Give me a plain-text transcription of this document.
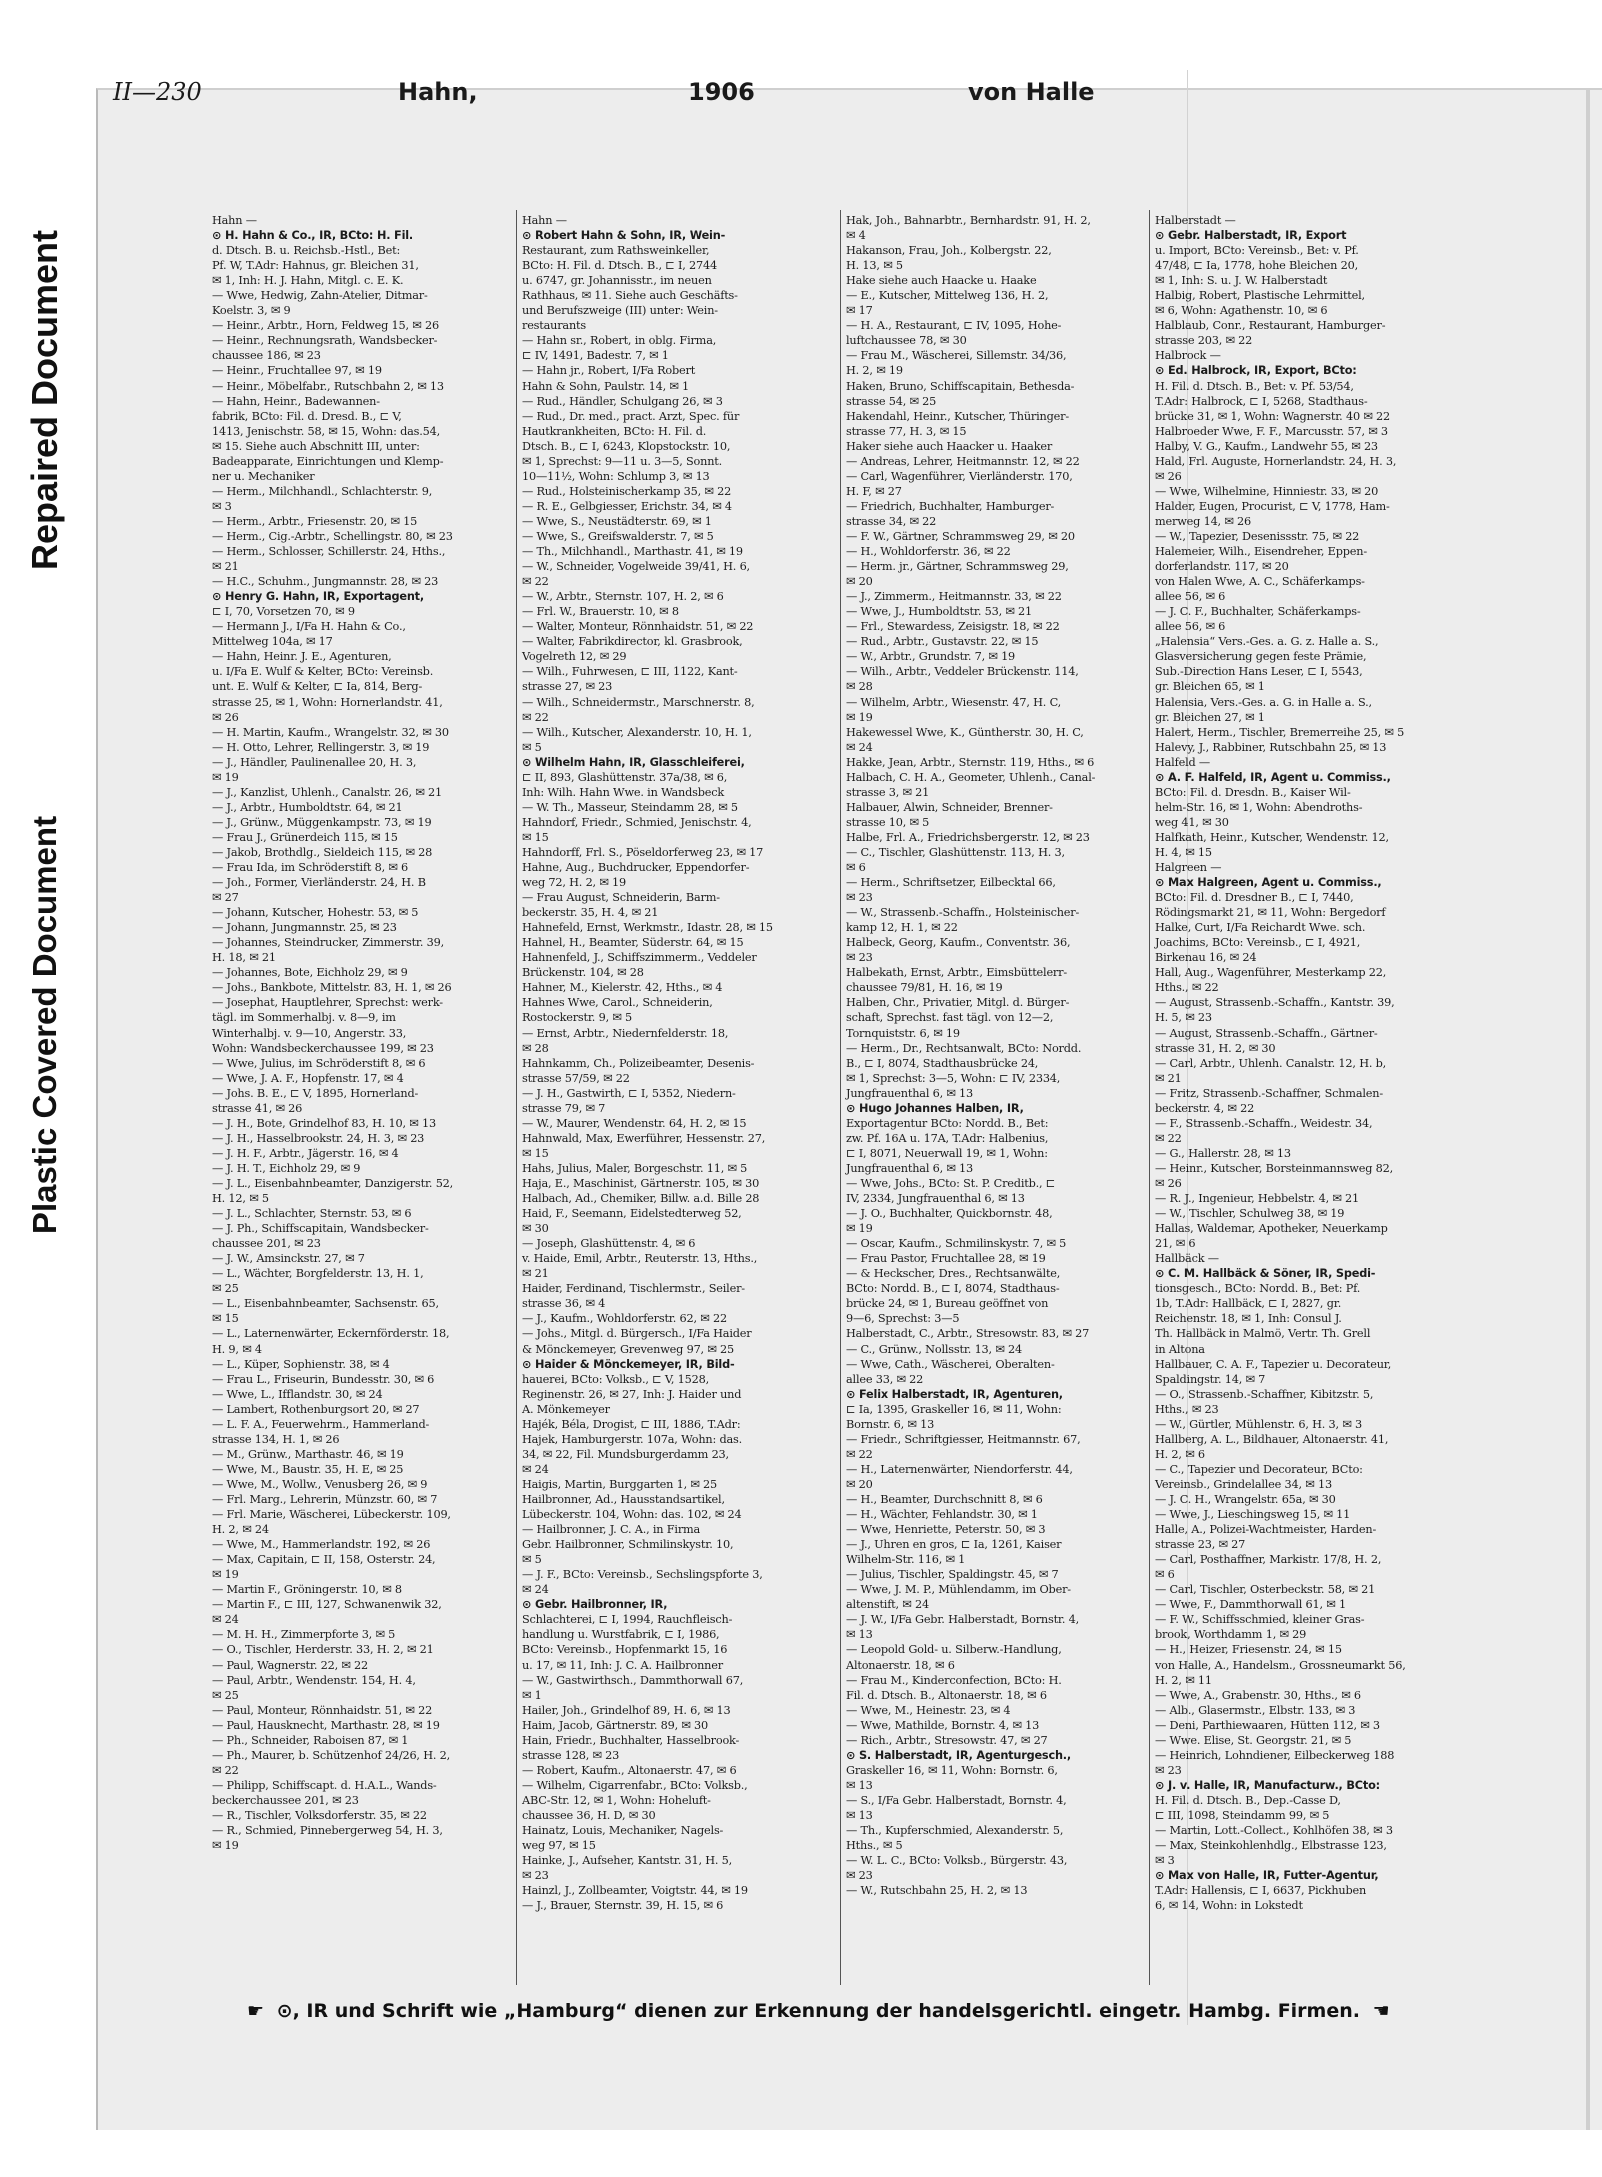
Repaired Document
Plastic Covered Document
II—230	Hahn,	1906	von Halle
Hahn —
⊙ H. Hahn & Co., IR, BCto: H. Fil.
d. Dtsch. B. u. Reichsb.-Hstl., Bet:
Pf. W, T.Adr: Hahnus, gr. Bleichen 31,
✉ 1, Inh: H. J. Hahn, Mitgl. c. E. K.
— Wwe, Hedwig, Zahn-Atelier, Ditmar-
Koelstr. 3, ✉ 9
— Heinr., Arbtr., Horn, Feldweg 15, ✉ 26
— Heinr., Rechnungsrath, Wandsbecker-
chaussee 186, ✉ 23
— Heinr., Fruchtallee 97, ✉ 19
— Heinr., Möbelfabr., Rutschbahn 2, ✉ 13
— Hahn, Heinr., Badewannen-
fabrik, BCto: Fil. d. Dresd. B., ⊏ V,
1413, Jenischstr. 58, ✉ 15, Wohn: das.54,
✉ 15. Siehe auch Abschnitt III, unter:
Badeapparate, Einrichtungen und Klemp-
ner u. Mechaniker
— Herm., Milchhandl., Schlachterstr. 9,
✉ 3
— Herm., Arbtr., Friesenstr. 20, ✉ 15
— Herm., Cig.-Arbtr., Schellingstr. 80, ✉ 23
— Herm., Schlosser, Schillerstr. 24, Hths.,
✉ 21
— H.C., Schuhm., Jungmannstr. 28, ✉ 23
⊙ Henry G. Hahn, IR, Exportagent,
⊏ I, 70, Vorsetzen 70, ✉ 9
— Hermann J., I/Fa H. Hahn & Co.,
Mittelweg 104a, ✉ 17
— Hahn, Heinr. J. E., Agenturen,
u. I/Fa E. Wulf & Kelter, BCto: Vereinsb.
unt. E. Wulf & Kelter, ⊏ Ia, 814, Berg-
strasse 25, ✉ 1, Wohn: Hornerlandstr. 41,
✉ 26
— H. Martin, Kaufm., Wrangelstr. 32, ✉ 30
— H. Otto, Lehrer, Rellingerstr. 3, ✉ 19
— J., Händler, Paulinenallee 20, H. 3,
✉ 19
— J., Kanzlist, Uhlenh., Canalstr. 26, ✉ 21
— J., Arbtr., Humboldtstr. 64, ✉ 21
— J., Grünw., Müggenkampstr. 73, ✉ 19
— Frau J., Grünerdeich 115, ✉ 15
— Jakob, Brothdlg., Sieldeich 115, ✉ 28
— Frau Ida, im Schröderstift 8, ✉ 6
— Joh., Former, Vierländerstr. 24, H. B
✉ 27
— Johann, Kutscher, Hohestr. 53, ✉ 5
— Johann, Jungmannstr. 25, ✉ 23
— Johannes, Steindrucker, Zimmerstr. 39,
H. 18, ✉ 21
— Johannes, Bote, Eichholz 29, ✉ 9
— Johs., Bankbote, Mittelstr. 83, H. 1, ✉ 26
— Josephat, Hauptlehrer, Sprechst: werk-
tägl. im Sommerhalbj. v. 8—9, im
Winterhalbj. v. 9—10, Angerstr. 33,
Wohn: Wandsbeckerchaussee 199, ✉ 23
— Wwe, Julius, im Schröderstift 8, ✉ 6
— Wwe, J. A. F., Hopfenstr. 17, ✉ 4
— Johs. B. E., ⊏ V, 1895, Hornerland-
strasse 41, ✉ 26
— J. H., Bote, Grindelhof 83, H. 10, ✉ 13
— J. H., Hasselbrookstr. 24, H. 3, ✉ 23
— J. H. F., Arbtr., Jägerstr. 16, ✉ 4
— J. H. T., Eichholz 29, ✉ 9
— J. L., Eisenbahnbeamter, Danzigerstr. 52,
H. 12, ✉ 5
— J. L., Schlachter, Sternstr. 53, ✉ 6
— J. Ph., Schiffscapitain, Wandsbecker-
chaussee 201, ✉ 23
— J. W., Amsinckstr. 27, ✉ 7
— L., Wächter, Borgfelderstr. 13, H. 1,
✉ 25
— L., Eisenbahnbeamter, Sachsenstr. 65,
✉ 15
— L., Laternenwärter, Eckernförderstr. 18,
H. 9, ✉ 4
— L., Küper, Sophienstr. 38, ✉ 4
— Frau L., Friseurin, Bundesstr. 30, ✉ 6
— Wwe, L., Ifflandstr. 30, ✉ 24
— Lambert, Rothenburgsort 20, ✉ 27
— L. F. A., Feuerwehrm., Hammerland-
strasse 134, H. 1, ✉ 26
— M., Grünw., Marthastr. 46, ✉ 19
— Wwe, M., Baustr. 35, H. E, ✉ 25
— Wwe, M., Wollw., Venusberg 26, ✉ 9
— Frl. Marg., Lehrerin, Münzstr. 60, ✉ 7
— Frl. Marie, Wäscherei, Lübeckerstr. 109,
H. 2, ✉ 24
— Wwe, M., Hammerlandstr. 192, ✉ 26
— Max, Capitain, ⊏ II, 158, Osterstr. 24,
✉ 19
— Martin F., Gröningerstr. 10, ✉ 8
— Martin F., ⊏ III, 127, Schwanenwik 32,
✉ 24
— M. H. H., Zimmerpforte 3, ✉ 5
— O., Tischler, Herderstr. 33, H. 2, ✉ 21
— Paul, Wagnerstr. 22, ✉ 22
— Paul, Arbtr., Wendenstr. 154, H. 4,
✉ 25
— Paul, Monteur, Rönnhaidstr. 51, ✉ 22
— Paul, Hausknecht, Marthastr. 28, ✉ 19
— Ph., Schneider, Raboisen 87, ✉ 1
— Ph., Maurer, b. Schützenhof 24/26, H. 2,
✉ 22
— Philipp, Schiffscapt. d. H.A.L., Wands-
beckerchaussee 201, ✉ 23
— R., Tischler, Volksdorferstr. 35, ✉ 22
— R., Schmied, Pinnebergerweg 54, H. 3,
✉ 19
Hahn —
⊙ Robert Hahn & Sohn, IR, Wein-
Restaurant, zum Rathsweinkeller,
BCto: H. Fil. d. Dtsch. B., ⊏ I, 2744
u. 6747, gr. Johannisstr., im neuen
Rathhaus, ✉ 11. Siehe auch Geschäfts-
und Berufszweige (III) unter: Wein-
restaurants
— Hahn sr., Robert, in oblg. Firma,
⊏ IV, 1491, Badestr. 7, ✉ 1
— Hahn jr., Robert, I/Fa Robert
Hahn & Sohn, Paulstr. 14, ✉ 1
— Rud., Händler, Schulgang 26, ✉ 3
— Rud., Dr. med., pract. Arzt, Spec. für
Hautkrankheiten, BCto: H. Fil. d.
Dtsch. B., ⊏ I, 6243, Klopstockstr. 10,
✉ 1, Sprechst: 9—11 u. 3—5, Sonnt.
10—11½, Wohn: Schlump 3, ✉ 13
— Rud., Holsteinischerkamp 35, ✉ 22
— R. E., Gelbgiesser, Erichstr. 34, ✉ 4
— Wwe, S., Neustädterstr. 69, ✉ 1
— Wwe, S., Greifswalderstr. 7, ✉ 5
— Th., Milchhandl., Marthastr. 41, ✉ 19
— W., Schneider, Vogelweide 39/41, H. 6,
✉ 22
— W., Arbtr., Sternstr. 107, H. 2, ✉ 6
— Frl. W., Brauerstr. 10, ✉ 8
— Walter, Monteur, Rönnhaidstr. 51, ✉ 22
— Walter, Fabrikdirector, kl. Grasbrook,
Vogelreth 12, ✉ 29
— Wilh., Fuhrwesen, ⊏ III, 1122, Kant-
strasse 27, ✉ 23
— Wilh., Schneidermstr., Marschnerstr. 8,
✉ 22
— Wilh., Kutscher, Alexanderstr. 10, H. 1,
✉ 5
⊙ Wilhelm Hahn, IR, Glasschleiferei,
⊏ II, 893, Glashüttenstr. 37a/38, ✉ 6,
Inh: Wilh. Hahn Wwe. in Wandsbeck
— W. Th., Masseur, Steindamm 28, ✉ 5
Hahndorf, Friedr., Schmied, Jenischstr. 4,
✉ 15
Hahndorff, Frl. S., Pöseldorferweg 23, ✉ 17
Hahne, Aug., Buchdrucker, Eppendorfer-
weg 72, H. 2, ✉ 19
— Frau August, Schneiderin, Barm-
beckerstr. 35, H. 4, ✉ 21
Hahnefeld, Ernst, Werkmstr., Idastr. 28, ✉ 15
Hahnel, H., Beamter, Süderstr. 64, ✉ 15
Hahnenfeld, J., Schiffszimmerm., Veddeler
Brückenstr. 104, ✉ 28
Hahner, M., Kielerstr. 42, Hths., ✉ 4
Hahnes Wwe, Carol., Schneiderin,
Rostockerstr. 9, ✉ 5
— Ernst, Arbtr., Niedernfelderstr. 18,
✉ 28
Hahnkamm, Ch., Polizeibeamter, Desenis-
strasse 57/59, ✉ 22
— J. H., Gastwirth, ⊏ I, 5352, Niedern-
strasse 79, ✉ 7
— W., Maurer, Wendenstr. 64, H. 2, ✉ 15
Hahnwald, Max, Ewerführer, Hessenstr. 27,
✉ 15
Hahs, Julius, Maler, Borgeschstr. 11, ✉ 5
Haja, E., Maschinist, Gärtnerstr. 105, ✉ 30
Halbach, Ad., Chemiker, Billw. a.d. Bille 28
Haid, F., Seemann, Eidelstedterweg 52,
✉ 30
— Joseph, Glashüttenstr. 4, ✉ 6
v. Haide, Emil, Arbtr., Reuterstr. 13, Hths.,
✉ 21
Haider, Ferdinand, Tischlermstr., Seiler-
strasse 36, ✉ 4
— J., Kaufm., Wohldorferstr. 62, ✉ 22
— Johs., Mitgl. d. Bürgersch., I/Fa Haider
& Mönckemeyer, Grevenweg 97, ✉ 25
⊙ Haider & Mönckemeyer, IR, Bild-
hauerei, BCto: Volksb., ⊏ V, 1528,
Reginenstr. 26, ✉ 27, Inh: J. Haider und
A. Mönkemeyer
Hajék, Béla, Drogist, ⊏ III, 1886, T.Adr:
Hajek, Hamburgerstr. 107a, Wohn: das.
34, ✉ 22, Fil. Mundsburgerdamm 23,
✉ 24
Haigis, Martin, Burggarten 1, ✉ 25
Hailbronner, Ad., Hausstandsartikel,
Lübeckerstr. 104, Wohn: das. 102, ✉ 24
— Hailbronner, J. C. A., in Firma
Gebr. Hailbronner, Schmilinskystr. 10,
✉ 5
— J. F., BCto: Vereinsb., Sechslingspforte 3,
✉ 24
⊙ Gebr. Hailbronner, IR,
Schlachterei, ⊏ I, 1994, Rauchfleisch-
handlung u. Wurstfabrik, ⊏ I, 1986,
BCto: Vereinsb., Hopfenmarkt 15, 16
u. 17, ✉ 11, Inh: J. C. A. Hailbronner
— W., Gastwirthsch., Dammthorwall 67,
✉ 1
Hailer, Joh., Grindelhof 89, H. 6, ✉ 13
Haim, Jacob, Gärtnerstr. 89, ✉ 30
Hain, Friedr., Buchhalter, Hasselbrook-
strasse 128, ✉ 23
— Robert, Kaufm., Altonaerstr. 47, ✉ 6
— Wilhelm, Cigarrenfabr., BCto: Volksb.,
ABC-Str. 12, ✉ 1, Wohn: Hoheluft-
chaussee 36, H. D, ✉ 30
Hainatz, Louis, Mechaniker, Nagels-
weg 97, ✉ 15
Hainke, J., Aufseher, Kantstr. 31, H. 5,
✉ 23
Hainzl, J., Zollbeamter, Voigtstr. 44, ✉ 19
— J., Brauer, Sternstr. 39, H. 15, ✉ 6
Hak, Joh., Bahnarbtr., Bernhardstr. 91, H. 2,
✉ 4
Hakanson, Frau, Joh., Kolbergstr. 22,
H. 13, ✉ 5
Hake siehe auch Haacke u. Haake
— E., Kutscher, Mittelweg 136, H. 2,
✉ 17
— H. A., Restaurant, ⊏ IV, 1095, Hohe-
luftchaussee 78, ✉ 30
— Frau M., Wäscherei, Sillemstr. 34/36,
H. 2, ✉ 19
Haken, Bruno, Schiffscapitain, Bethesda-
strasse 54, ✉ 25
Hakendahl, Heinr., Kutscher, Thüringer-
strasse 77, H. 3, ✉ 15
Haker siehe auch Haacker u. Haaker
— Andreas, Lehrer, Heitmannstr. 12, ✉ 22
— Carl, Wagenführer, Vierländerstr. 170,
H. F, ✉ 27
— Friedrich, Buchhalter, Hamburger-
strasse 34, ✉ 22
— F. W., Gärtner, Schrammsweg 29, ✉ 20
— H., Wohldorferstr. 36, ✉ 22
— Herm. jr., Gärtner, Schrammsweg 29,
✉ 20
— J., Zimmerm., Heitmannstr. 33, ✉ 22
— Wwe, J., Humboldtstr. 53, ✉ 21
— Frl., Stewardess, Zeisigstr. 18, ✉ 22
— Rud., Arbtr., Gustavstr. 22, ✉ 15
— W., Arbtr., Grundstr. 7, ✉ 19
— Wilh., Arbtr., Veddeler Brückenstr. 114,
✉ 28
— Wilhelm, Arbtr., Wiesenstr. 47, H. C,
✉ 19
Hakewessel Wwe, K., Güntherstr. 30, H. C,
✉ 24
Hakke, Jean, Arbtr., Sternstr. 119, Hths., ✉ 6
Halbach, C. H. A., Geometer, Uhlenh., Canal-
strasse 3, ✉ 21
Halbauer, Alwin, Schneider, Brenner-
strasse 10, ✉ 5
Halbe, Frl. A., Friedrichsbergerstr. 12, ✉ 23
— C., Tischler, Glashüttenstr. 113, H. 3,
✉ 6
— Herm., Schriftsetzer, Eilbecktal 66,
✉ 23
— W., Strassenb.-Schaffn., Holsteinischer-
kamp 12, H. 1, ✉ 22
Halbeck, Georg, Kaufm., Conventstr. 36,
✉ 23
Halbekath, Ernst, Arbtr., Eimsbüttelerr-
chaussee 79/81, H. 16, ✉ 19
Halben, Chr., Privatier, Mitgl. d. Bürger-
schaft, Sprechst. fast tägl. von 12—2,
Tornquiststr. 6, ✉ 19
— Herm., Dr., Rechtsanwalt, BCto: Nordd.
B., ⊏ I, 8074, Stadthausbrücke 24,
✉ 1, Sprechst: 3—5, Wohn: ⊏ IV, 2334,
Jungfrauenthal 6, ✉ 13
⊙ Hugo Johannes Halben, IR,
Exportagentur BCto: Nordd. B., Bet:
zw. Pf. 16A u. 17A, T.Adr: Halbenius,
⊏ I, 8071, Neuerwall 19, ✉ 1, Wohn:
Jungfrauenthal 6, ✉ 13
— Wwe, Johs., BCto: St. P. Creditb., ⊏
IV, 2334, Jungfrauenthal 6, ✉ 13
— J. O., Buchhalter, Quickbornstr. 48,
✉ 19
— Oscar, Kaufm., Schmilinskystr. 7, ✉ 5
— Frau Pastor, Fruchtallee 28, ✉ 19
— & Heckscher, Dres., Rechtsanwälte,
BCto: Nordd. B., ⊏ I, 8074, Stadthaus-
brücke 24, ✉ 1, Bureau geöffnet von
9—6, Sprechst: 3—5
Halberstadt, C., Arbtr., Stresowstr. 83, ✉ 27
— C., Grünw., Nollsstr. 13, ✉ 24
— Wwe, Cath., Wäscherei, Oberalten-
allee 33, ✉ 22
⊙ Felix Halberstadt, IR, Agenturen,
⊏ Ia, 1395, Graskeller 16, ✉ 11, Wohn:
Bornstr. 6, ✉ 13
— Friedr., Schriftgiesser, Heitmannstr. 67,
✉ 22
— H., Laternenwärter, Niendorferstr. 44,
✉ 20
— H., Beamter, Durchschnitt 8, ✉ 6
— H., Wächter, Fehlandstr. 30, ✉ 1
— Wwe, Henriette, Peterstr. 50, ✉ 3
— J., Uhren en gros, ⊏ Ia, 1261, Kaiser
Wilhelm-Str. 116, ✉ 1
— Julius, Tischler, Spaldingstr. 45, ✉ 7
— Wwe, J. M. P., Mühlendamm, im Ober-
altenstift, ✉ 24
— J. W., I/Fa Gebr. Halberstadt, Bornstr. 4,
✉ 13
— Leopold Gold- u. Silberw.-Handlung,
Altonaerstr. 18, ✉ 6
— Frau M., Kinderconfection, BCto: H.
Fil. d. Dtsch. B., Altonaerstr. 18, ✉ 6
— Wwe, M., Heinestr. 23, ✉ 4
— Wwe, Mathilde, Bornstr. 4, ✉ 13
— Rich., Arbtr., Stresowstr. 47, ✉ 27
⊙ S. Halberstadt, IR, Agenturgesch.,
Graskeller 16, ✉ 11, Wohn: Bornstr. 6,
✉ 13
— S., I/Fa Gebr. Halberstadt, Bornstr. 4,
✉ 13
— Th., Kupferschmied, Alexanderstr. 5,
Hths., ✉ 5
— W. L. C., BCto: Volksb., Bürgerstr. 43,
✉ 23
— W., Rutschbahn 25, H. 2, ✉ 13
Halberstadt —
⊙ Gebr. Halberstadt, IR, Export
u. Import, BCto: Vereinsb., Bet: v. Pf.
47/48, ⊏ Ia, 1778, hohe Bleichen 20,
✉ 1, Inh: S. u. J. W. Halberstadt
Halbig, Robert, Plastische Lehrmittel,
✉ 6, Wohn: Agathenstr. 10, ✉ 6
Halblaub, Conr., Restaurant, Hamburger-
strasse 203, ✉ 22
Halbrock —
⊙ Ed. Halbrock, IR, Export, BCto:
H. Fil. d. Dtsch. B., Bet: v. Pf. 53/54,
T.Adr: Halbrock, ⊏ I, 5268, Stadthaus-
brücke 31, ✉ 1, Wohn: Wagnerstr. 40 ✉ 22
Halbroeder Wwe, F. F., Marcusstr. 57, ✉ 3
Halby, V. G., Kaufm., Landwehr 55, ✉ 23
Hald, Frl. Auguste, Hornerlandstr. 24, H. 3,
✉ 26
— Wwe, Wilhelmine, Hinniestr. 33, ✉ 20
Halder, Eugen, Procurist, ⊏ V, 1778, Ham-
merweg 14, ✉ 26
— W., Tapezier, Desenissstr. 75, ✉ 22
Halemeier, Wilh., Eisendreher, Eppen-
dorferlandstr. 117, ✉ 20
von Halen Wwe, A. C., Schäferkamps-
allee 56, ✉ 6
— J. C. F., Buchhalter, Schäferkamps-
allee 56, ✉ 6
„Halensia“ Vers.-Ges. a. G. z. Halle a. S.,
Glasversicherung gegen feste Prämie,
Sub.-Direction Hans Leser, ⊏ I, 5543,
gr. Bleichen 65, ✉ 1
Halensia, Vers.-Ges. a. G. in Halle a. S.,
gr. Bleichen 27, ✉ 1
Halert, Herm., Tischler, Bremerreihe 25, ✉ 5
Halevy, J., Rabbiner, Rutschbahn 25, ✉ 13
Halfeld —
⊙ A. F. Halfeld, IR, Agent u. Commiss.,
BCto: Fil. d. Dresdn. B., Kaiser Wil-
helm-Str. 16, ✉ 1, Wohn: Abendroths-
weg 41, ✉ 30
Halfkath, Heinr., Kutscher, Wendenstr. 12,
H. 4, ✉ 15
Halgreen —
⊙ Max Halgreen, Agent u. Commiss.,
BCto: Fil. d. Dresdner B., ⊏ I, 7440,
Rödingsmarkt 21, ✉ 11, Wohn: Bergedorf
Halke, Curt, I/Fa Reichardt Wwe. sch.
Joachims, BCto: Vereinsb., ⊏ I, 4921,
Birkenau 16, ✉ 24
Hall, Aug., Wagenführer, Mesterkamp 22,
Hths., ✉ 22
— August, Strassenb.-Schaffn., Kantstr. 39,
H. 5, ✉ 23
— August, Strassenb.-Schaffn., Gärtner-
strasse 31, H. 2, ✉ 30
— Carl, Arbtr., Uhlenh. Canalstr. 12, H. b,
✉ 21
— Fritz, Strassenb.-Schaffner, Schmalen-
beckerstr. 4, ✉ 22
— F., Strassenb.-Schaffn., Weidestr. 34,
✉ 22
— G., Hallerstr. 28, ✉ 13
— Heinr., Kutscher, Borsteinmannsweg 82,
✉ 26
— R. J., Ingenieur, Hebbelstr. 4, ✉ 21
— W., Tischler, Schulweg 38, ✉ 19
Hallas, Waldemar, Apotheker, Neuerkamp
21, ✉ 6
Hallbäck —
⊙ C. M. Hallbäck & Söner, IR, Spedi-
tionsgesch., BCto: Nordd. B., Bet: Pf.
1b, T.Adr: Hallbäck, ⊏ I, 2827, gr.
Reichenstr. 18, ✉ 1, Inh: Consul J.
Th. Hallbäck in Malmö, Vertr. Th. Grell
in Altona
Hallbauer, C. A. F., Tapezier u. Decorateur,
Spaldingstr. 14, ✉ 7
— O., Strassenb.-Schaffner, Kibitzstr. 5,
Hths., ✉ 23
— W., Gürtler, Mühlenstr. 6, H. 3, ✉ 3
Hallberg, A. L., Bildhauer, Altonaerstr. 41,
H. 2, ✉ 6
— C., Tapezier und Decorateur, BCto:
Vereinsb., Grindelallee 34, ✉ 13
— J. C. H., Wrangelstr. 65a, ✉ 30
— Wwe, J., Lieschingsweg 15, ✉ 11
Halle, A., Polizei-Wachtmeister, Harden-
strasse 23, ✉ 27
— Carl, Posthaffner, Markistr. 17/8, H. 2,
✉ 6
— Carl, Tischler, Osterbeckstr. 58, ✉ 21
— Wwe, F., Dammthorwall 61, ✉ 1
— F. W., Schiffsschmied, kleiner Gras-
brook, Worthdamm 1, ✉ 29
— H., Heizer, Friesenstr. 24, ✉ 15
von Halle, A., Handelsm., Grossneumarkt 56,
H. 2, ✉ 11
— Wwe, A., Grabenstr. 30, Hths., ✉ 6
— Alb., Glasermstr., Elbstr. 133, ✉ 3
— Deni, Parthiewaaren, Hütten 112, ✉ 3
— Wwe. Elise, St. Georgstr. 21, ✉ 5
— Heinrich, Lohndiener, Eilbeckerweg 188
✉ 23
⊙ J. v. Halle, IR, Manufacturw., BCto:
H. Fil. d. Dtsch. B., Dep.-Casse D,
⊏ III, 1098, Steindamm 99, ✉ 5
— Martin, Lott.-Collect., Kohlhöfen 38, ✉ 3
— Max, Steinkohlenhdlg., Elbstrasse 123,
✉ 3
⊙ Max von Halle, IR, Futter-Agentur,
T.Adr: Hallensis, ⊏ I, 6637, Pickhuben
6, ✉ 14, Wohn: in Lokstedt
☛ ⊙, IR und Schrift wie „Hamburg“ dienen zur Erkennung der handelsgerichtl. eingetr. Hambg. Firmen. ☚
